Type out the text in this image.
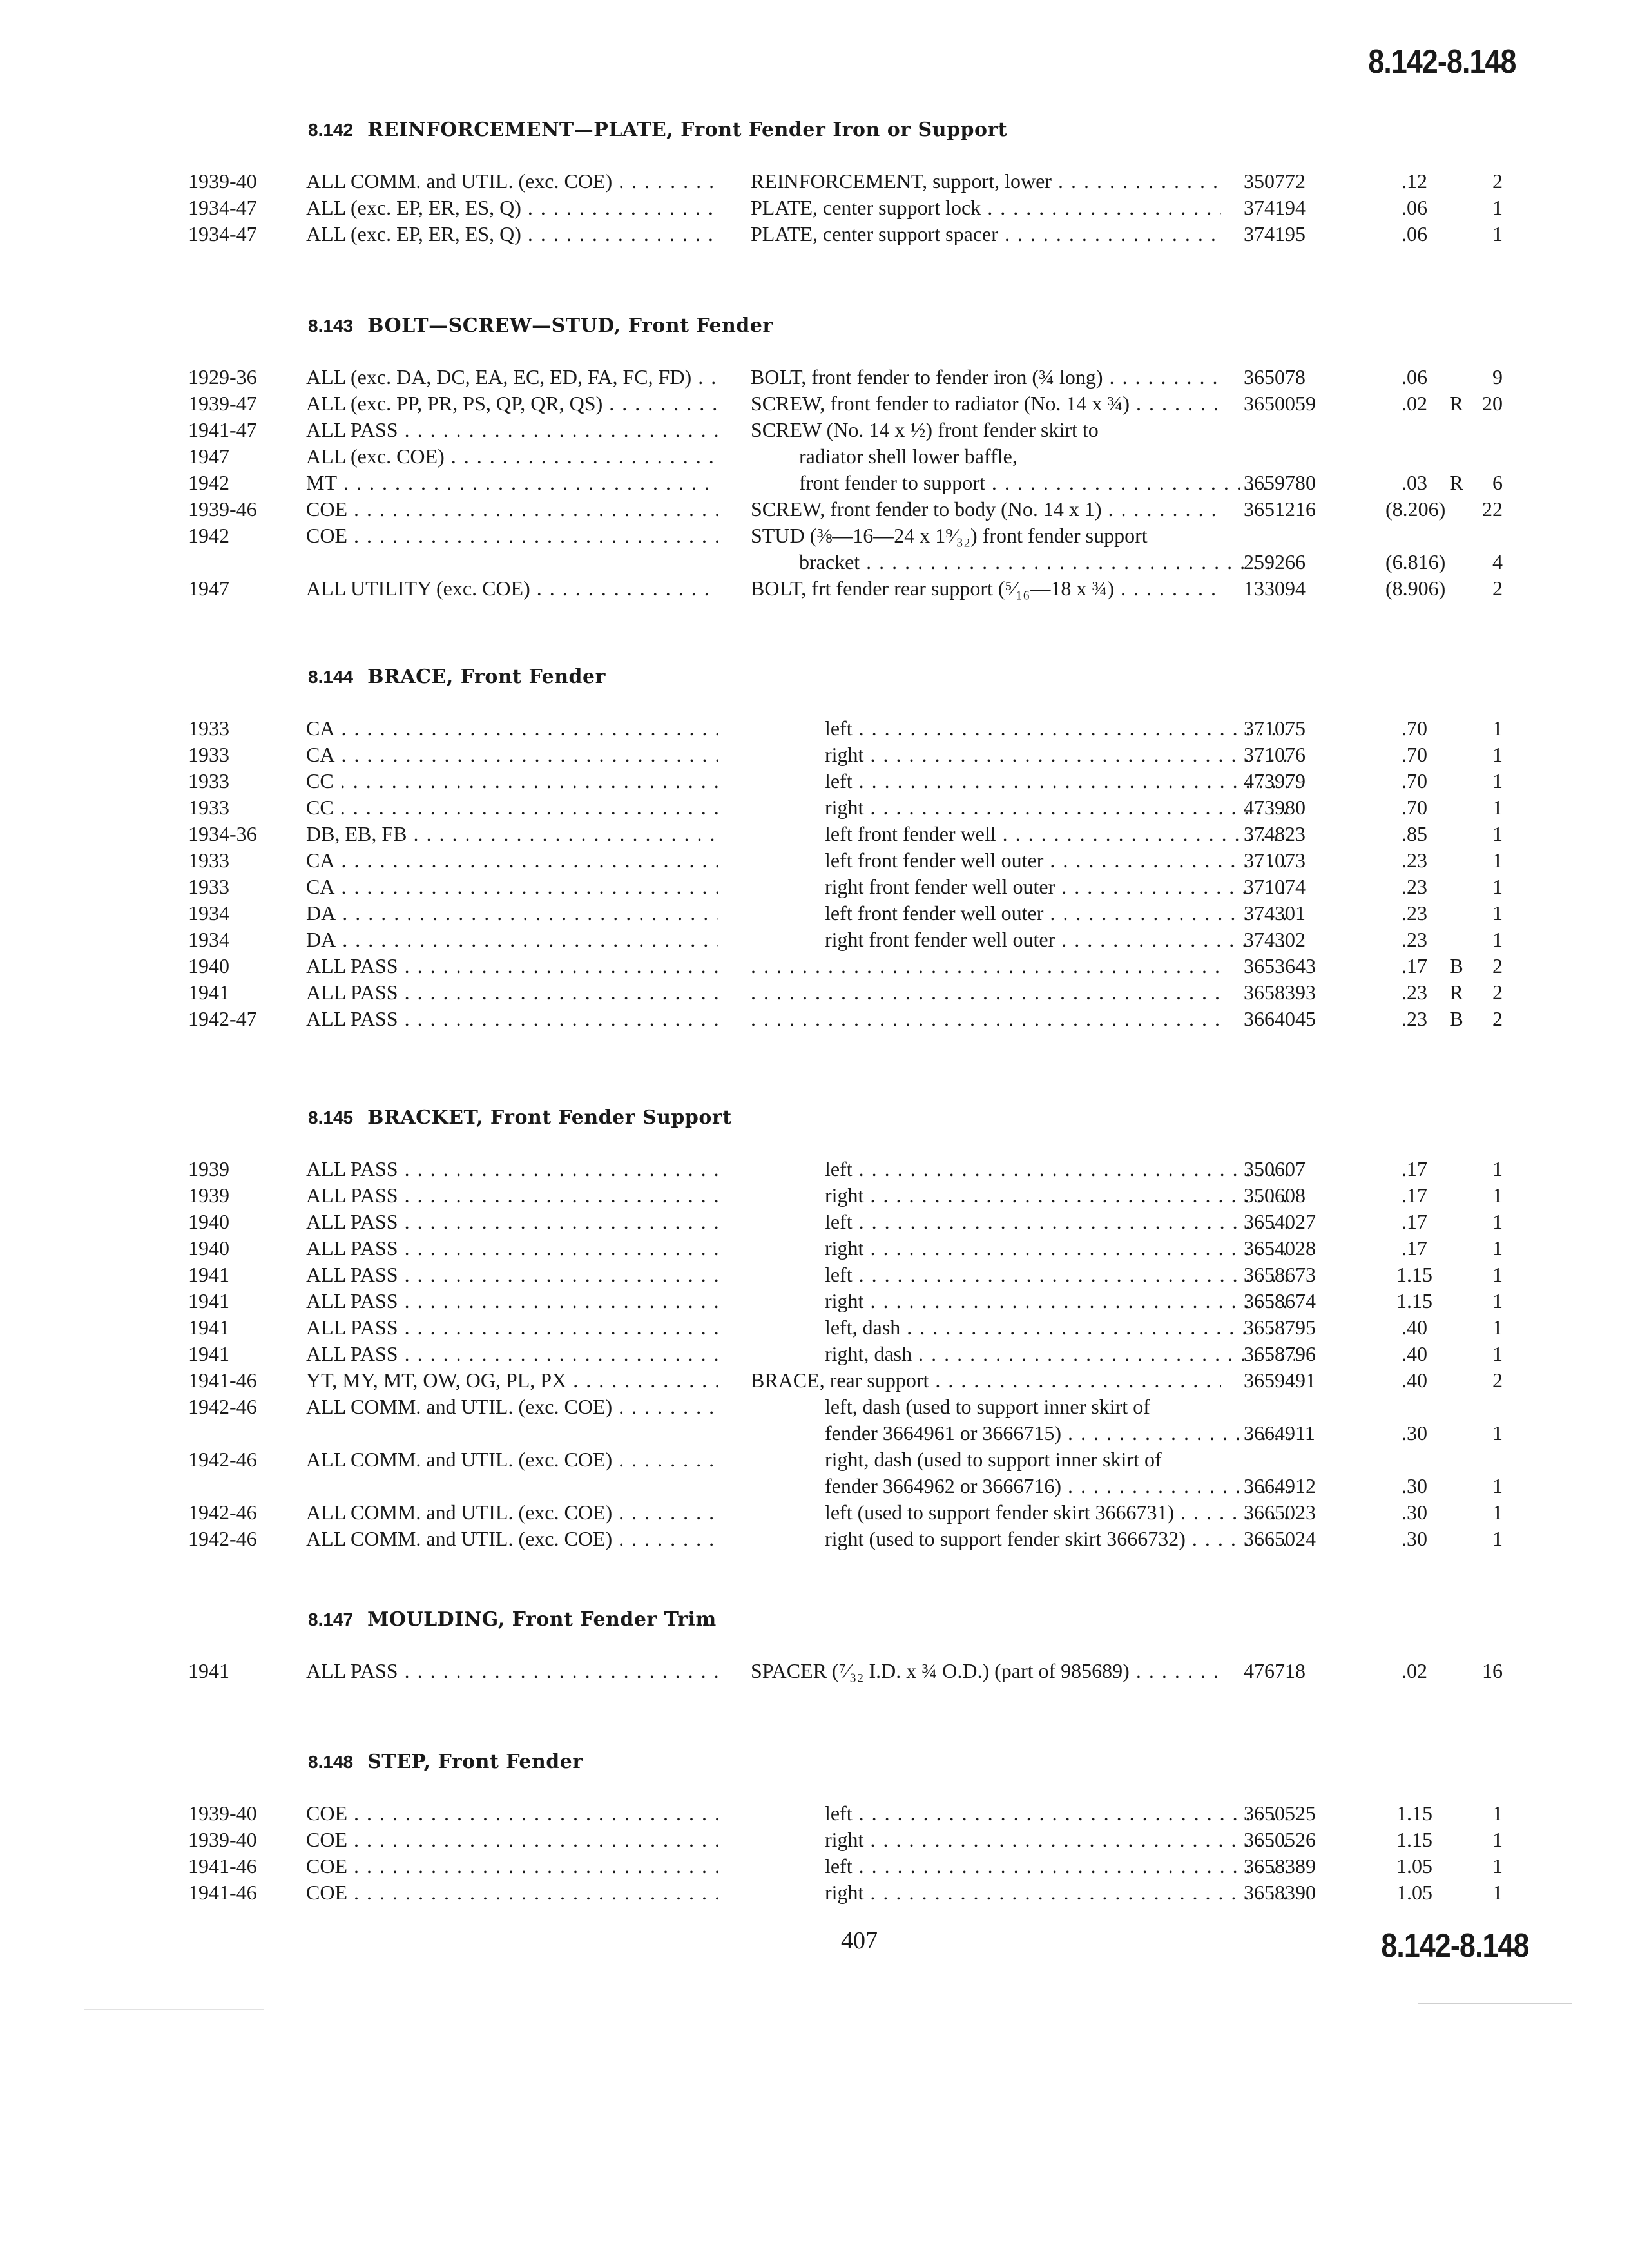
8.142-8.148
8.142 REINFORCEMENT—PLATE, Front Fender Iron or Support
1939-40 ALL COMM. and UTIL. (exc. COE) . . .	REINFORCEMENT, support, lower . . .	350772	.12	2
1934-47 ALL (exc. EP, ER, ES, Q) . . .	PLATE, center support lock . . .	374194	.06	1
1934-47 ALL (exc. EP, ER, ES, Q) . . .	PLATE, center support spacer . . .	374195	.06	1
8.143 BOLT—SCREW—STUD, Front Fender
1929-36 ALL (exc. DA, DC, EA, EC, ED, FA, FC, FD) . . .	BOLT, front fender to fender iron (¾ long) . . .	365078	.06	9
1939-47 ALL (exc. PP, PR, PS, QP, QR, QS) . . .	SCREW, front fender to radiator (No. 14 x ¾) . . .	3650059	.02	R 20
1941-47 ALL PASS . . .	SCREW (No. 14 x ½) front fender skirt to
1947	ALL (exc. COE) . . .	radiator shell lower baffle,
1942	MT . . .	front fender to support . . .	3659780	.03	R	6
1939-46 COE . . .	SCREW, front fender to body (No. 14 x 1) . . .	3651216	(8.206)	22
1942	COE . . .	STUD (⅜—16—24 x 1⁹⁄₃₂) front fender support
bracket . . .	259266	(6.816)	4
1947	ALL UTILITY (exc. COE) . . .	BOLT, frt fender rear support (⁵⁄₁₆—18 x ¾) . . .	133094	(8.906)	2
8.144 BRACE, Front Fender
1933	CA . . .	left . . .	371075	.70	1
1933	CA . . .	right . . .	371076	.70	1
1933	CC . . .	left . . .	473979	.70	1
1933	CC . . .	right . . .	473980	.70	1
1934-36 DB, EB, FB . . .	left front fender well . . .	374823	.85	1
1933	CA . . .	left front fender well outer . . .	371073	.23	1
1933	CA . . .	right front fender well outer . . .	371074	.23	1
1934	DA . . .	left front fender well outer . . .	374301	.23	1
1934	DA . . .	right front fender well outer . . .	374302	.23	1
1940	ALL PASS . . . . . .	3653643	.17	B	2
1941	ALL PASS . . . . . .	3658393	.23	R	2
1942-47 ALL PASS . . . . . .	3664045	.23	B	2
8.145 BRACKET, Front Fender Support
1939	ALL PASS . . .	left . . .	350607	.17	1
1939	ALL PASS . . .	right . . .	350608	.17	1
1940	ALL PASS . . .	left . . .	3654027	.17	1
1940	ALL PASS . . .	right . . .	3654028	.17	1
1941	ALL PASS . . .	left . . .	3658673	1.15	1
1941	ALL PASS . . .	right . . .	3658674	1.15	1
1941	ALL PASS . . .	left, dash . . .	3658795	.40	1
1941	ALL PASS . . .	right, dash . . .	3658796	.40	1
1941-46 YT, MY, MT, OW, OG, PL, PX . . .	BRACE, rear support . . .	3659491	.40	2
1942-46 ALL COMM. and UTIL. (exc. COE) . . .	left, dash (used to support inner skirt of
fender 3664961 or 3666715) . . .	3664911	.30	1
1942-46 ALL COMM. and UTIL. (exc. COE) . . .	right, dash (used to support inner skirt of
fender 3664962 or 3666716) . . .	3664912	.30	1
1942-46 ALL COMM. and UTIL. (exc. COE) . . .	left (used to support fender skirt 3666731) . . .	3665023	.30	1
1942-46 ALL COMM. and UTIL. (exc. COE) . . .	right (used to support fender skirt 3666732) . . .	3665024	.30	1
8.147 MOULDING, Front Fender Trim
1941	ALL PASS . . .	SPACER (⁷⁄₃₂ I.D. x ¾ O.D.) (part of 985689) . . .	476718	.02	16
8.148 STEP, Front Fender
1939-40 COE . . .	left . . .	3650525	1.15	1
1939-40 COE . . .	right . . .	3650526	1.15	1
1941-46 COE . . .	left . . .	3658389	1.05	1
1941-46 COE . . .	right . . .	3658390	1.05	1
407	8.142-8.148
